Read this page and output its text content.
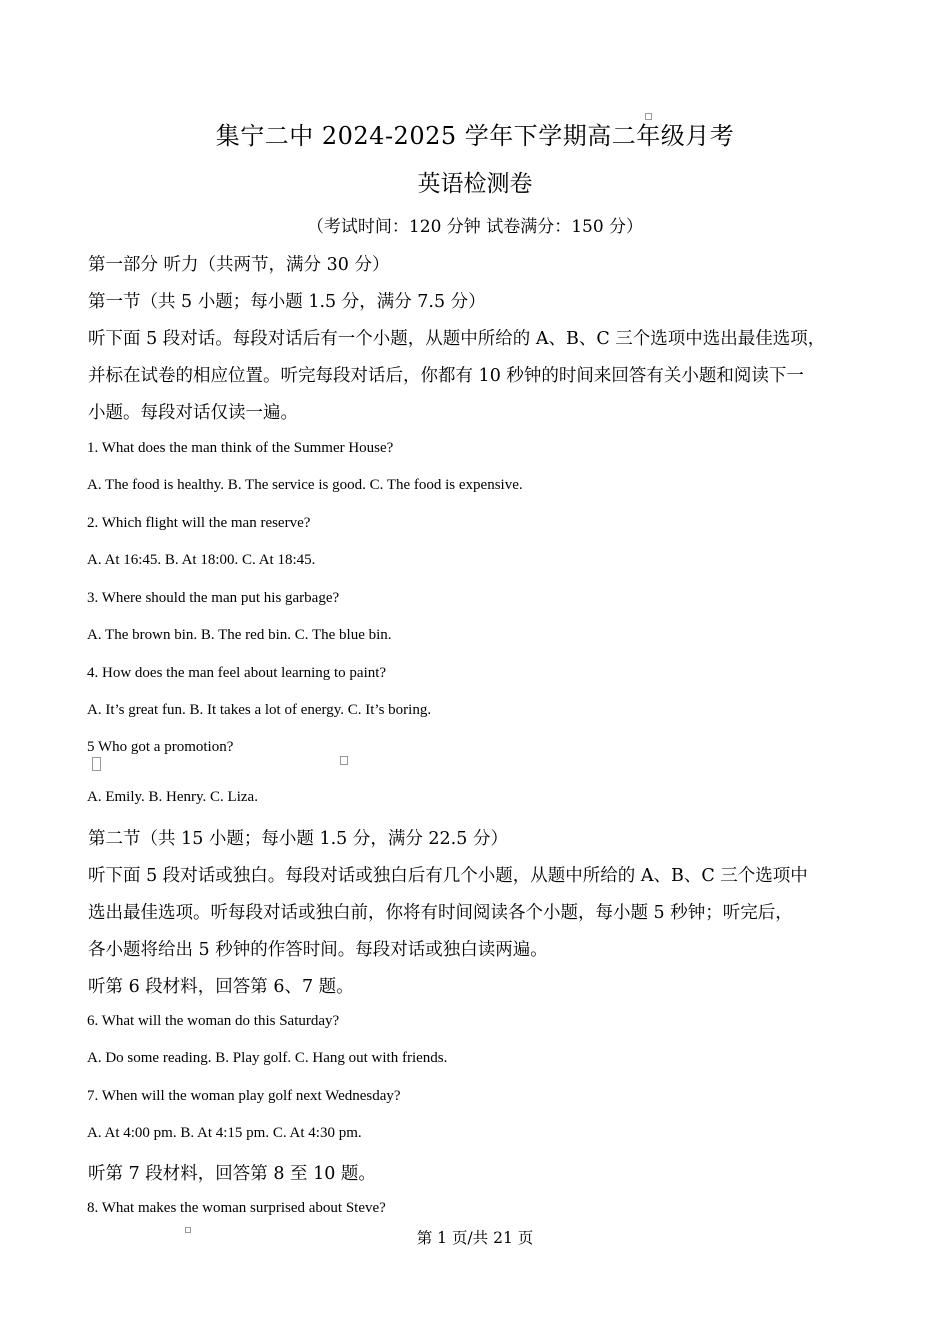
集宁二中 2024-2025 学年下学期高二年级月考
英语检测卷
（考试时间：120 分钟 试卷满分：150 分）
第一部分 听力（共两节，满分 30 分）
第一节（共 5 小题；每小题 1.5 分，满分 7.5 分）
听下面 5 段对话。每段对话后有一个小题，从题中所给的 A、B、C 三个选项中选出最佳选项，
并标在试卷的相应位置。听完每段对话后，你都有 10 秒钟的时间来回答有关小题和阅读下一
小题。每段对话仅读一遍。
1. What does the man think of the Summer House?
A. The food is healthy. B. The service is good. C. The food is expensive.
2. Which flight will the man reserve?
A. At 16:45. B. At 18:00. C. At 18:45.
3. Where should the man put his garbage?
A. The brown bin. B. The red bin. C. The blue bin.
4. How does the man feel about learning to paint?
A. It’s great fun. B. It takes a lot of energy. C. It’s boring.
5 Who got a promotion?
A. Emily. B. Henry. C. Liza.
第二节（共 15 小题；每小题 1.5 分，满分 22.5 分）
听下面 5 段对话或独白。每段对话或独白后有几个小题，从题中所给的 A、B、C 三个选项中
选出最佳选项。听每段对话或独白前，你将有时间阅读各个小题，每小题 5 秒钟；听完后，
各小题将给出 5 秒钟的作答时间。每段对话或独白读两遍。
听第 6 段材料，回答第 6、7 题。
6. What will the woman do this Saturday?
A. Do some reading. B. Play golf. C. Hang out with friends.
7. When will the woman play golf next Wednesday?
A. At 4:00 pm. B. At 4:15 pm. C. At 4:30 pm.
听第 7 段材料，回答第 8 至 10 题。
8. What makes the woman surprised about Steve?
第 1 页/共 21 页
